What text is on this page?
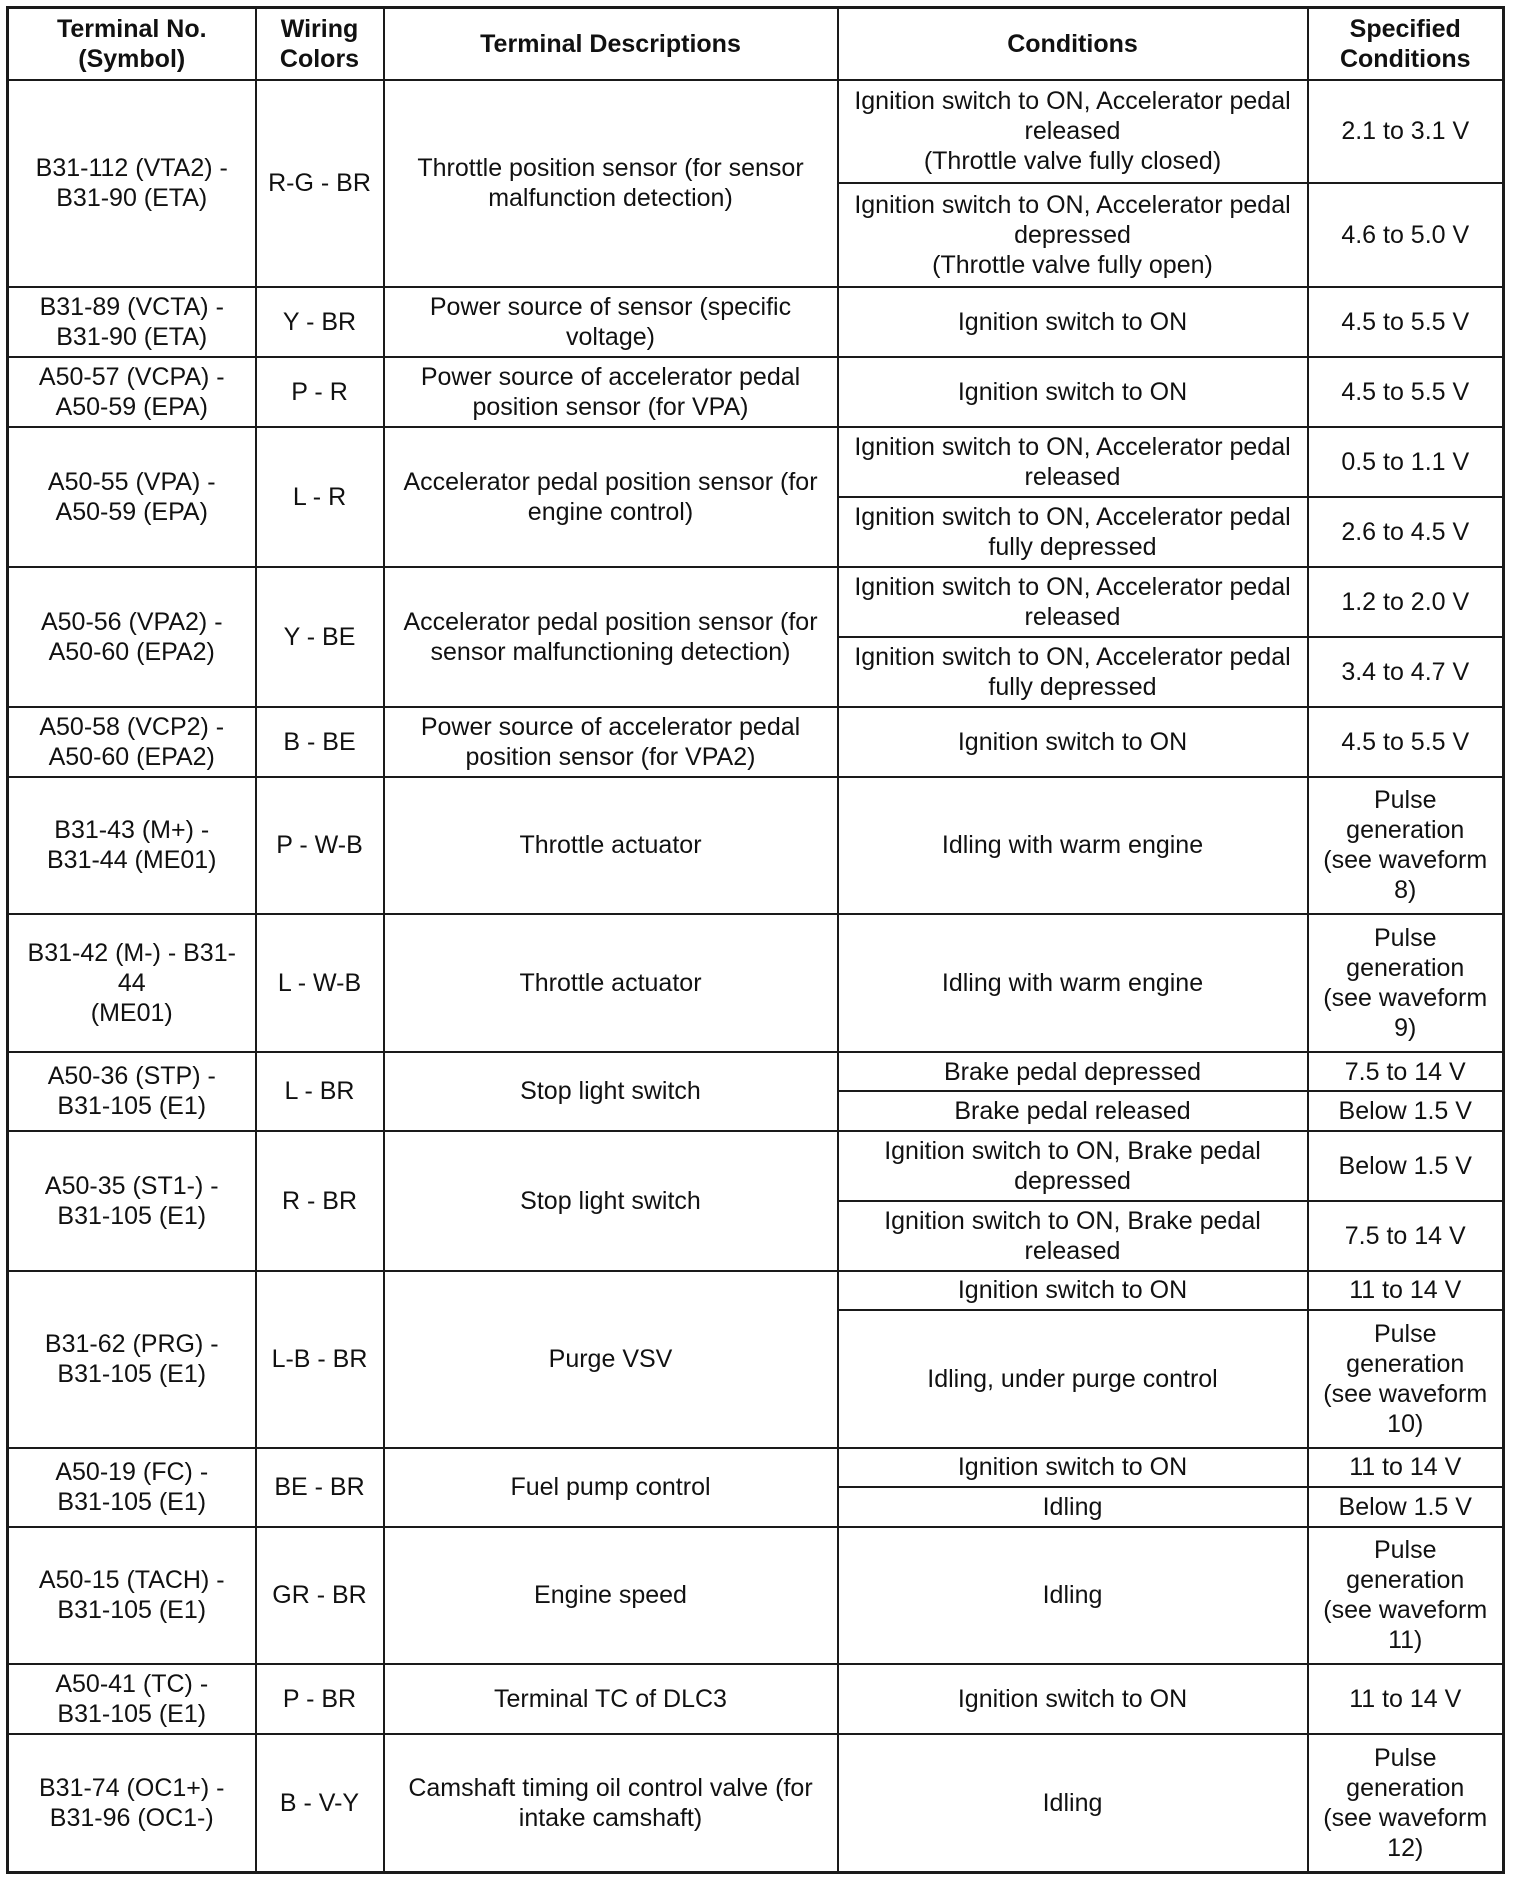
Terminal No.
(Symbol)	Wiring
Colors	Terminal Descriptions	Conditions	Specified
Conditions
B31-112 (VTA2) -
B31-90 (ETA)	R-G - BR	Throttle position sensor (for sensor
malfunction detection)	Ignition switch to ON, Accelerator pedal
released
(Throttle valve fully closed)	2.1 to 3.1 V
			Ignition switch to ON, Accelerator pedal
depressed
(Throttle valve fully open)	4.6 to 5.0 V
B31-89 (VCTA) -
B31-90 (ETA)	Y - BR	Power source of sensor (specific
voltage)	Ignition switch to ON	4.5 to 5.5 V
A50-57 (VCPA) -
A50-59 (EPA)	P - R	Power source of accelerator pedal
position sensor (for VPA)	Ignition switch to ON	4.5 to 5.5 V
A50-55 (VPA) -
A50-59 (EPA)	L - R	Accelerator pedal position sensor (for
engine control)	Ignition switch to ON, Accelerator pedal
released	0.5 to 1.1 V
			Ignition switch to ON, Accelerator pedal
fully depressed	2.6 to 4.5 V
A50-56 (VPA2) -
A50-60 (EPA2)	Y - BE	Accelerator pedal position sensor (for
sensor malfunctioning detection)	Ignition switch to ON, Accelerator pedal
released	1.2 to 2.0 V
			Ignition switch to ON, Accelerator pedal
fully depressed	3.4 to 4.7 V
A50-58 (VCP2) -
A50-60 (EPA2)	B - BE	Power source of accelerator pedal
position sensor (for VPA2)	Ignition switch to ON	4.5 to 5.5 V
B31-43 (M+) -
B31-44 (ME01)	P - W-B	Throttle actuator	Idling with warm engine	Pulse
generation
(see waveform
8)
B31-42 (M-) - B31-44
(ME01)	L - W-B	Throttle actuator	Idling with warm engine	Pulse
generation
(see waveform
9)
A50-36 (STP) -
B31-105 (E1)	L - BR	Stop light switch	Brake pedal depressed	7.5 to 14 V
			Brake pedal released	Below 1.5 V
A50-35 (ST1-) -
B31-105 (E1)	R - BR	Stop light switch	Ignition switch to ON, Brake pedal
depressed	Below 1.5 V
			Ignition switch to ON, Brake pedal
released	7.5 to 14 V
B31-62 (PRG) -
B31-105 (E1)	L-B - BR	Purge VSV	Ignition switch to ON	11 to 14 V
			Idling, under purge control	Pulse
generation
(see waveform
10)
A50-19 (FC) -
B31-105 (E1)	BE - BR	Fuel pump control	Ignition switch to ON	11 to 14 V
			Idling	Below 1.5 V
A50-15 (TACH) -
B31-105 (E1)	GR - BR	Engine speed	Idling	Pulse
generation
(see waveform
11)
A50-41 (TC) -
B31-105 (E1)	P - BR	Terminal TC of DLC3	Ignition switch to ON	11 to 14 V
B31-74 (OC1+) -
B31-96 (OC1-)	B - V-Y	Camshaft timing oil control valve (for
intake camshaft)	Idling	Pulse
generation
(see waveform
12)
